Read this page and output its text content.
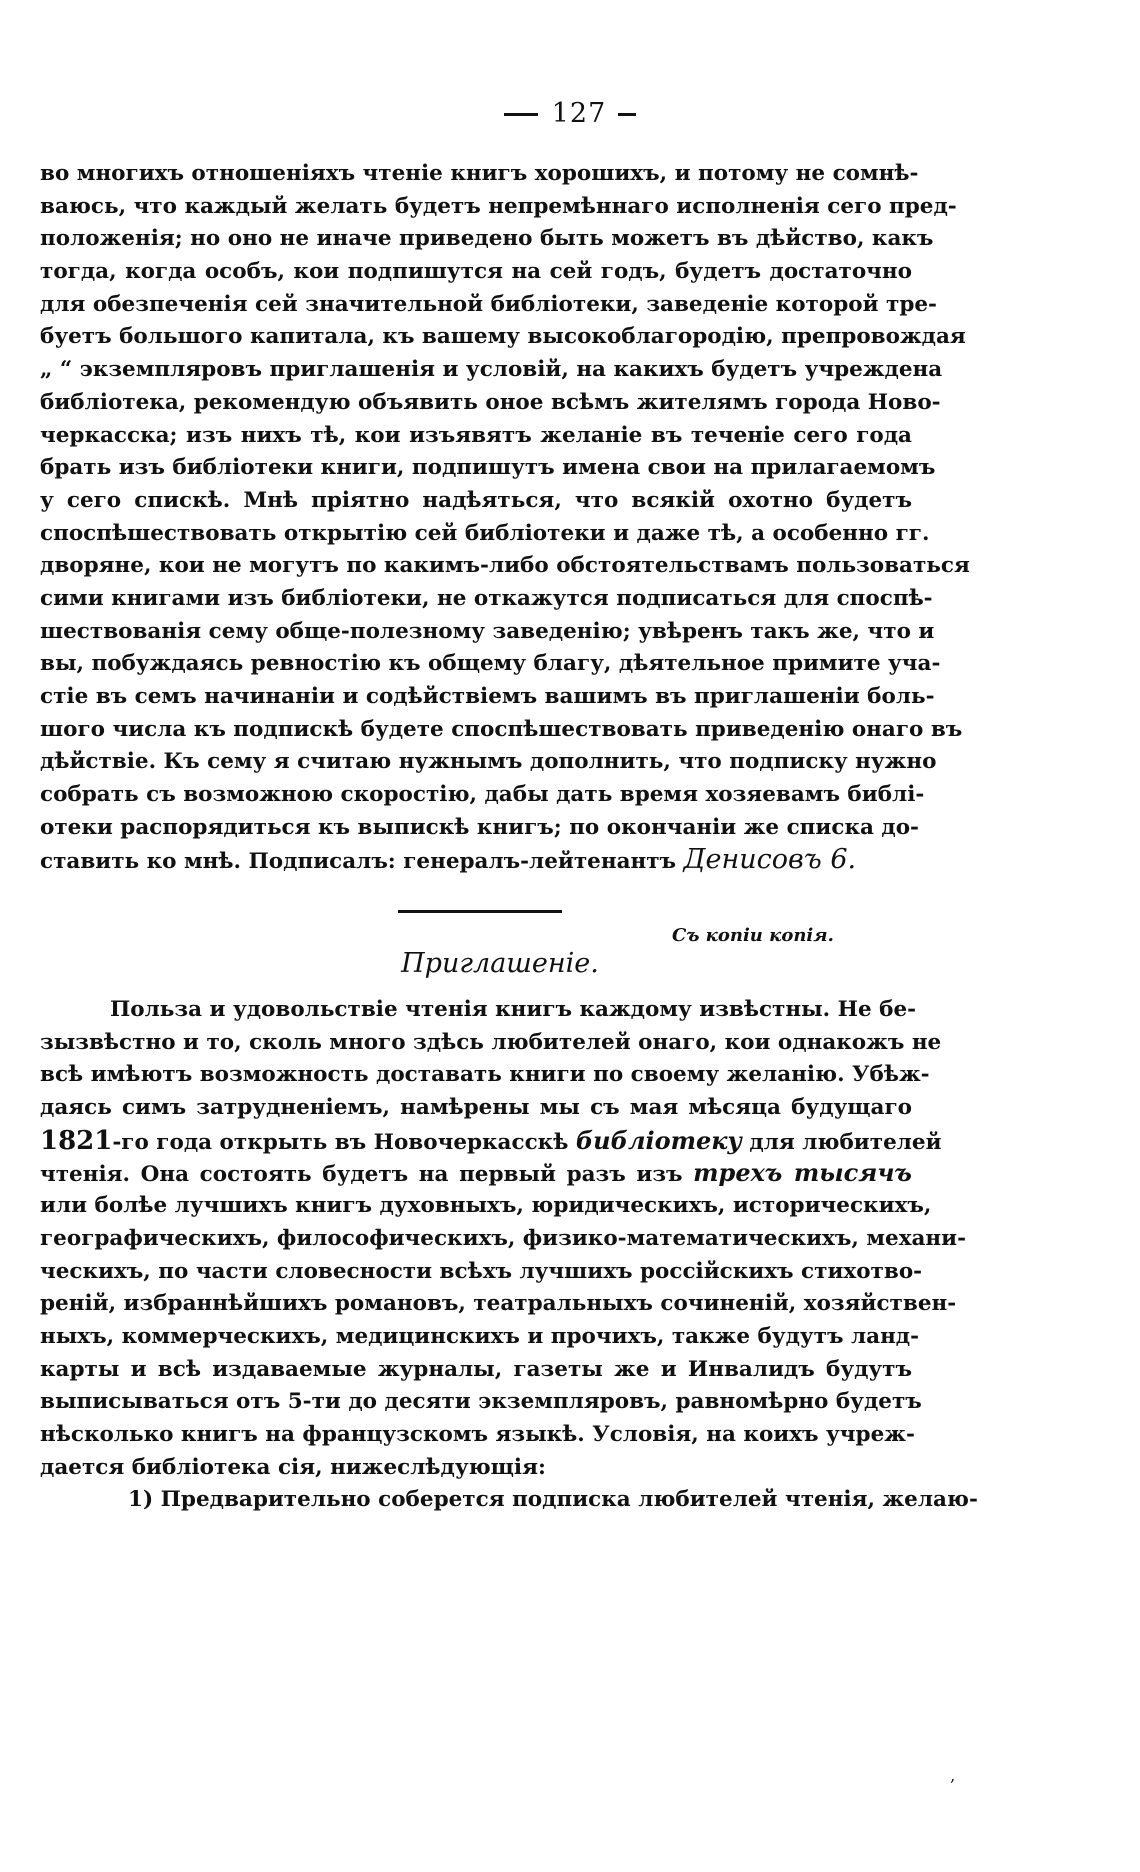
127
во многихъ отношеніяхъ чтеніе книгъ хорошихъ, и потому не сомнѣ-
ваюсь, что каждый желать будетъ непремѣннаго исполненія сего пред-
положенія; но оно не иначе приведено быть можетъ въ дѣйство, какъ
тогда, когда особъ, кои подпишутся на сей годъ, будетъ достаточно
для обезпеченія сей значительной библіотеки, заведеніе которой тре-
буетъ большого капитала, къ вашему высокоблагородію, препровождая
„ “ экземпляровъ приглашенія и условій, на какихъ будетъ учреждена
библіотека, рекомендую объявить оное всѣмъ жителямъ города Ново-
черкасска; изъ нихъ тѣ, кои изъявятъ желаніе въ теченіе сего года
брать изъ библіотеки книги, подпишутъ имена свои на прилагаемомъ
у сего спискѣ. Мнѣ пріятно надѣяться, что всякій охотно будетъ
споспѣшествовать открытію сей библіотеки и даже тѣ, а особенно гг.
дворяне, кои не могутъ по какимъ-либо обстоятельствамъ пользоваться
сими книгами изъ библіотеки, не откажутся подписаться для споспѣ-
шествованія сему обще-полезному заведенію; увѣренъ такъ же, что и
вы, побуждаясь ревностію къ общему благу, дѣятельное примите уча-
стіе въ семъ начинаніи и содѣйствіемъ вашимъ въ приглашеніи боль-
шого числа къ подпискѣ будете споспѣшествовать приведенію онаго въ
дѣйствіе. Къ сему я считаю нужнымъ дополнить, что подписку нужно
собрать съ возможною скоростію, дабы дать время хозяевамъ библі-
отеки распорядиться къ выпискѣ книгъ; по окончаніи же списка до-
ставить ко мнѣ. Подписалъ: генералъ-лейтенантъ Денисовъ 6.
Съ копіи копія.
Приглашеніе.
Польза и удовольствіе чтенія книгъ каждому извѣстны. Не бе-
зызвѣстно и то, сколь много здѣсь любителей онаго, кои однакожъ не
всѣ имѣютъ возможность доставать книги по своему желанію. Убѣж-
даясь симъ затрудненіемъ, намѣрены мы съ мая мѣсяца будущаго
1821-го года открыть въ Новочеркасскѣ библіотеку для любителей
чтенія. Она состоять будетъ на первый разъ изъ трехъ тысячъ
или болѣе лучшихъ книгъ духовныхъ, юридическихъ, историческихъ,
географическихъ, философическихъ, физико-математическихъ, механи-
ческихъ, по части словесности всѣхъ лучшихъ россійскихъ стихотво-
реній, избраннѣйшихъ романовъ, театральныхъ сочиненій, хозяйствен-
ныхъ, коммерческихъ, медицинскихъ и прочихъ, также будутъ ланд-
карты и всѣ издаваемые журналы, газеты же и Инвалидъ будутъ
выписываться отъ 5-ти до десяти экземпляровъ, равномѣрно будетъ
нѣсколько книгъ на французскомъ языкѣ. Условія, на коихъ учреж-
дается библіотека сія, нижеслѣдующія:
1) Предварительно соберется подписка любителей чтенія, желаю-
‚
